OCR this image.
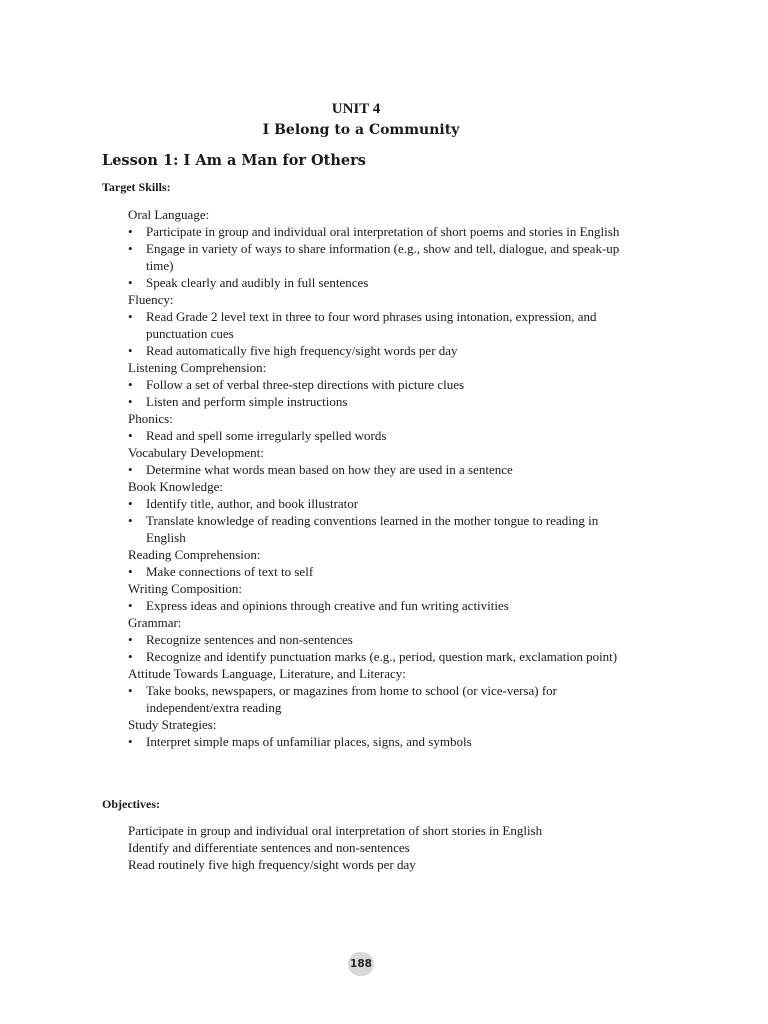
UNIT 4
I Belong to a Community
Lesson 1: I Am a Man for Others
Target Skills:
Oral Language:
• Participate in group and individual oral interpretation of short poems and stories in English
• Engage in variety of ways to share information (e.g., show and tell, dialogue, and speak-up time)
• Speak clearly and audibly in full sentences
Fluency:
• Read Grade 2 level text in three to four word phrases using intonation, expression, and punctuation cues
• Read automatically five high frequency/sight words per day
Listening Comprehension:
• Follow a set of verbal three-step directions with picture clues
• Listen and perform simple instructions
Phonics:
• Read and spell some irregularly spelled words
Vocabulary Development:
• Determine what words mean based on how they are used in a sentence
Book Knowledge:
• Identify title, author, and book illustrator
• Translate knowledge of reading conventions learned in the mother tongue to reading in English
Reading Comprehension:
• Make connections of text to self
Writing Composition:
• Express ideas and opinions through creative and fun writing activities
Grammar:
• Recognize sentences and non-sentences
• Recognize and identify punctuation marks (e.g., period, question mark, exclamation point)
Attitude Towards Language, Literature, and Literacy:
• Take books, newspapers, or magazines from home to school (or vice-versa) for independent/extra reading
Study Strategies:
• Interpret simple maps of unfamiliar places, signs, and symbols
Objectives:
Participate in group and individual oral interpretation of short stories in English
Identify and differentiate sentences and non-sentences
Read routinely five high frequency/sight words per day
188
